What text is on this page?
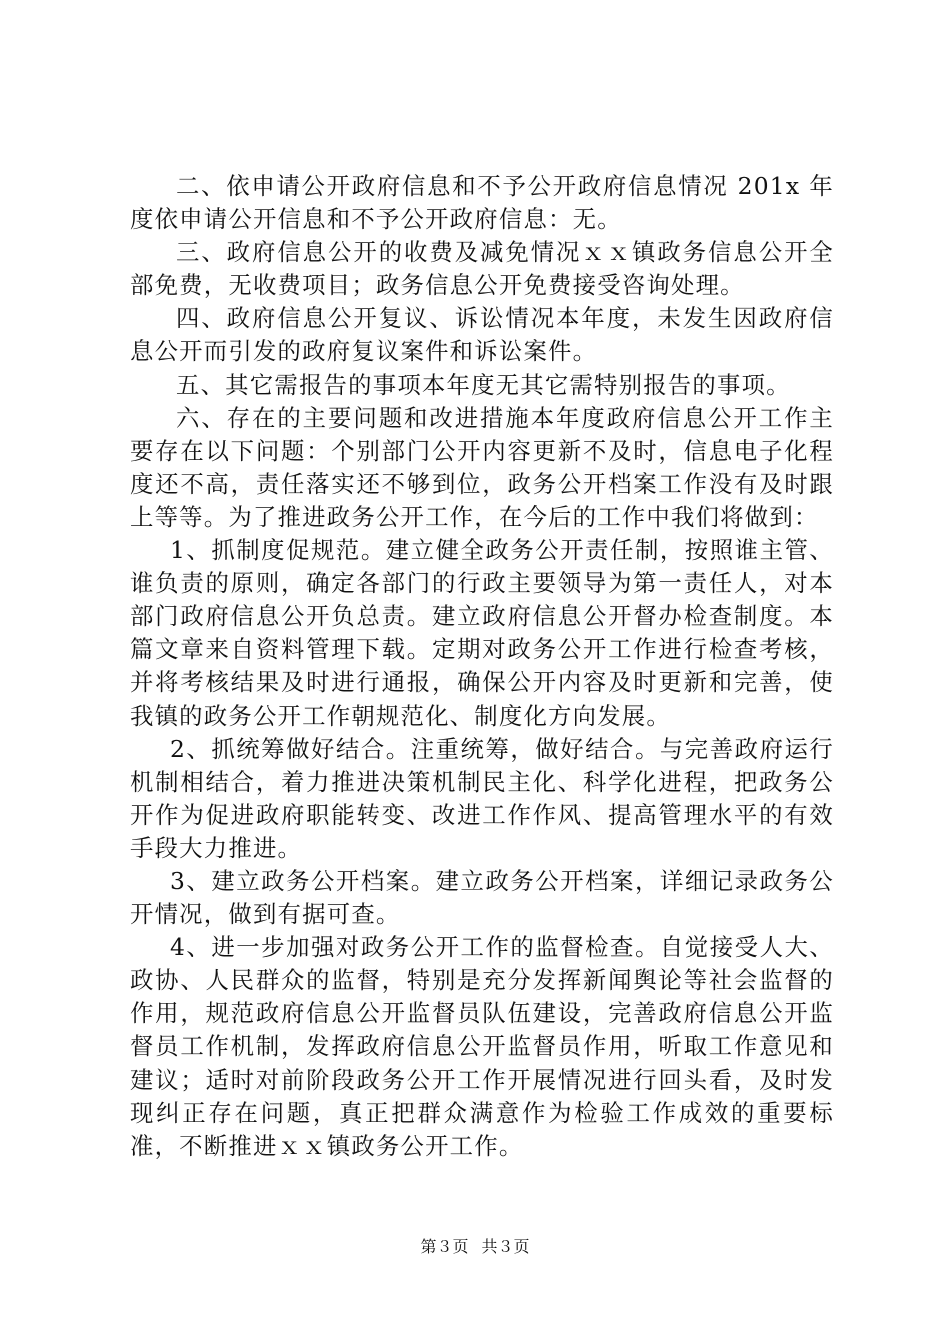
二、依申请公开政府信息和不予公开政府信息情况 201x 年度依申请公开信息和不予公开政府信息：无。

三、政府信息公开的收费及减免情况ｘｘ镇政务信息公开全部免费，无收费项目；政务信息公开免费接受咨询处理。

四、政府信息公开复议、诉讼情况本年度，未发生因政府信息公开而引发的政府复议案件和诉讼案件。

五、其它需报告的事项本年度无其它需特别报告的事项。

六、存在的主要问题和改进措施本年度政府信息公开工作主要存在以下问题：个别部门公开内容更新不及时，信息电子化程度还不高，责任落实还不够到位，政务公开档案工作没有及时跟上等等。为了推进政务公开工作，在今后的工作中我们将做到：

1、抓制度促规范。建立健全政务公开责任制，按照谁主管、谁负责的原则，确定各部门的行政主要领导为第一责任人，对本部门政府信息公开负总责。建立政府信息公开督办检查制度。本篇文章来自资料管理下载。定期对政务公开工作进行检查考核，并将考核结果及时进行通报，确保公开内容及时更新和完善，使我镇的政务公开工作朝规范化、制度化方向发展。

2、抓统筹做好结合。注重统筹，做好结合。与完善政府运行机制相结合，着力推进决策机制民主化、科学化进程，把政务公开作为促进政府职能转变、改进工作作风、提高管理水平的有效手段大力推进。

3、建立政务公开档案。建立政务公开档案，详细记录政务公开情况，做到有据可查。

4、进一步加强对政务公开工作的监督检查。自觉接受人大、政协、人民群众的监督，特别是充分发挥新闻舆论等社会监督的作用，规范政府信息公开监督员队伍建设，完善政府信息公开监督员工作机制，发挥政府信息公开监督员作用，听取工作意见和建议；适时对前阶段政务公开工作开展情况进行回头看，及时发现纠正存在问题，真正把群众满意作为检验工作成效的重要标准，不断推进ｘｘ镇政务公开工作。

第３页 共３页
